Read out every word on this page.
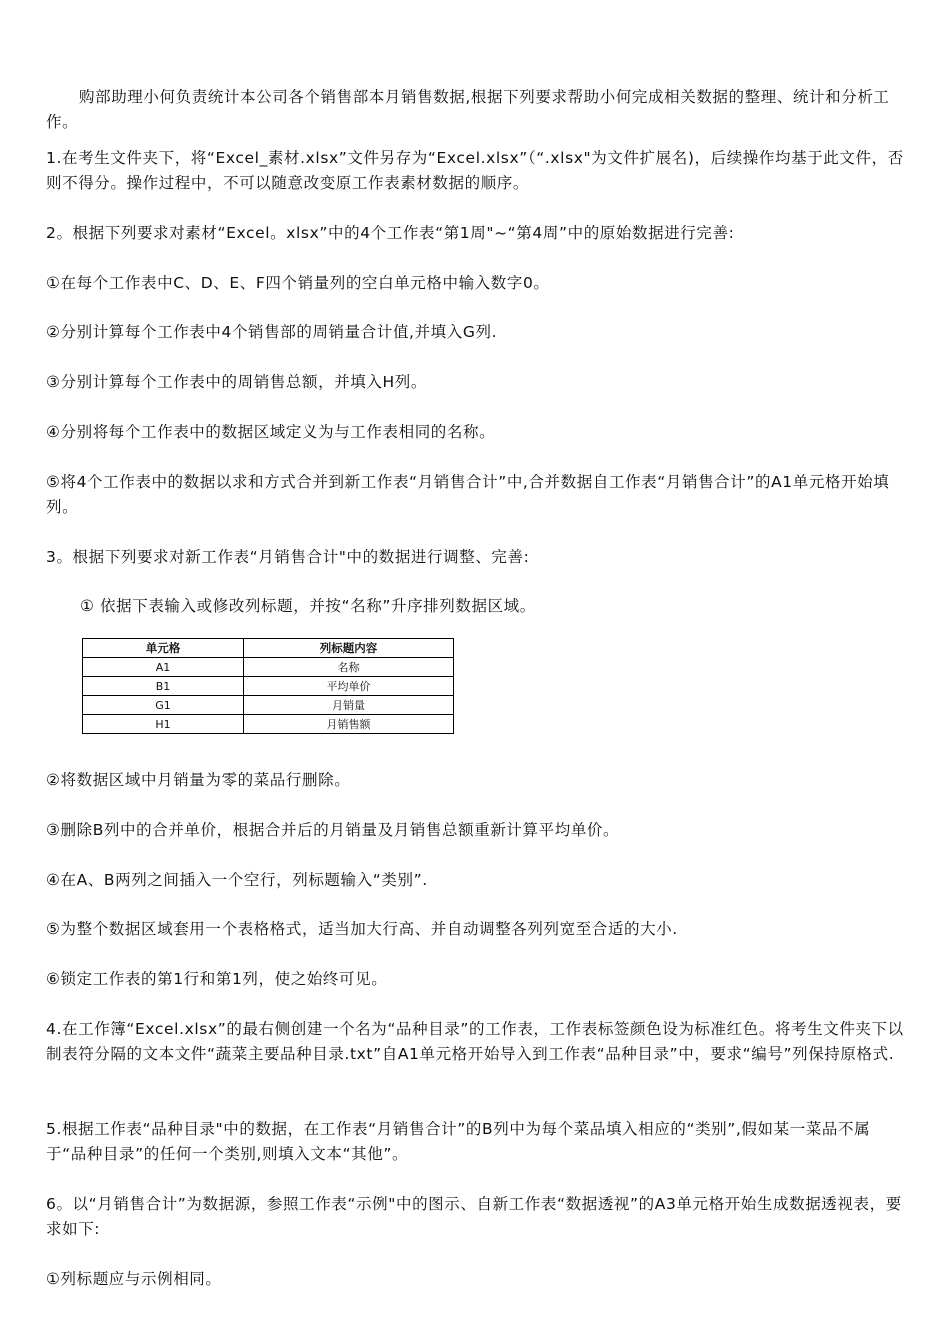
购部助理小何负责统计本公司各个销售部本月销售数据,根据下列要求帮助小何完成相关数据的整理、统计和分析工作。

1.在考生文件夹下，将“Excel_素材.xlsx”文件另存为“Excel.xlsx”（“.xlsx"为文件扩展名)，后续操作均基于此文件，否则不得分。操作过程中，不可以随意改变原工作表素材数据的顺序。

2。根据下列要求对素材“Excel。xlsx”中的4个工作表“第1周"~“第4周”中的原始数据进行完善:

①在每个工作表中C、D、E、F四个销量列的空白单元格中输入数字0。

②分别计算每个工作表中4个销售部的周销量合计值,并填入G列.

③分别计算每个工作表中的周销售总额，并填入H列。

④分别将每个工作表中的数据区域定义为与工作表相同的名称。

⑤将4个工作表中的数据以求和方式合并到新工作表“月销售合计”中,合并数据自工作表“月销售合计”的A1单元格开始填列。

3。根据下列要求对新工作表“月销售合计"中的数据进行调整、完善:

① 依据下表输入或修改列标题，并按“名称”升序排列数据区域。

单元格	列标题内容
A1	名称
B1	平均单价
G1	月销量
H1	月销售额

②将数据区域中月销量为零的菜品行删除。

③删除B列中的合并单价，根据合并后的月销量及月销售总额重新计算平均单价。

④在A、B两列之间插入一个空行，列标题输入“类别”.

⑤为整个数据区域套用一个表格格式，适当加大行高、并自动调整各列列宽至合适的大小.

⑥锁定工作表的第1行和第1列，使之始终可见。

4.在工作簿“Excel.xlsx”的最右侧创建一个名为“品种目录”的工作表，工作表标签颜色设为标准红色。将考生文件夹下以制表符分隔的文本文件“蔬菜主要品种目录.txt”自A1单元格开始导入到工作表“品种目录”中，要求“编号”列保持原格式.

5.根据工作表“品种目录"中的数据，在工作表“月销售合计”的B列中为每个菜品填入相应的“类别”,假如某一菜品不属于“品种目录”的任何一个类别,则填入文本“其他”。

6。以“月销售合计”为数据源，参照工作表“示例"中的图示、自新工作表“数据透视”的A3单元格开始生成数据透视表，要求如下:

①列标题应与示例相同。
